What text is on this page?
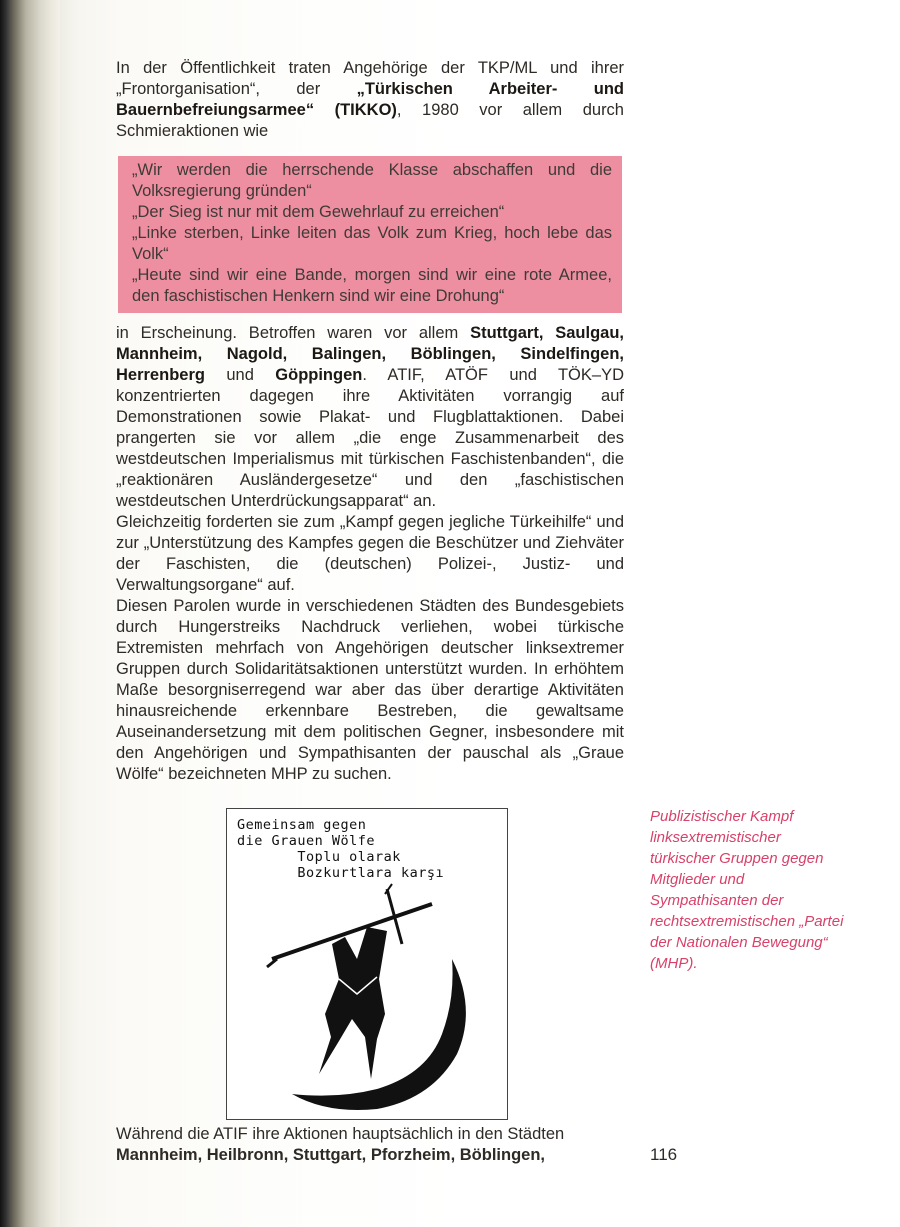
In der Öffentlichkeit traten Angehörige der TKP/ML und ihrer „Frontorganisation“, der „Türkischen Arbeiter- und Bauernbefreiungsarmee“ (TIKKO), 1980 vor allem durch Schmieraktionen wie

„Wir werden die herrschende Klasse abschaffen und die Volksregierung gründen“

„Der Sieg ist nur mit dem Gewehrlauf zu erreichen“

„Linke sterben, Linke leiten das Volk zum Krieg, hoch lebe das Volk“

„Heute sind wir eine Bande, morgen sind wir eine rote Armee, den faschistischen Henkern sind wir eine Drohung“

in Erscheinung. Betroffen waren vor allem Stuttgart, Saulgau, Mannheim, Nagold, Balingen, Böblingen, Sindelfingen, Herrenberg und Göppingen. ATIF, ATÖF und TÖK–YD konzentrierten dagegen ihre Aktivitäten vorrangig auf Demonstrationen sowie Plakat- und Flugblattaktionen. Dabei prangerten sie vor allem „die enge Zusammenarbeit des westdeutschen Imperialismus mit türkischen Faschistenbanden“, die „reaktionären Ausländergesetze“ und den „faschistischen westdeutschen Unterdrückungsapparat“ an.

Gleichzeitig forderten sie zum „Kampf gegen jegliche Türkeihilfe“ und zur „Unterstützung des Kampfes gegen die Beschützer und Ziehväter der Faschisten, die (deutschen) Polizei-, Justiz- und Verwaltungsorgane“ auf.

Diesen Parolen wurde in verschiedenen Städten des Bundesgebiets durch Hungerstreiks Nachdruck verliehen, wobei türkische Extremisten mehrfach von Angehörigen deutscher linksextremer Gruppen durch Solidaritätsaktionen unterstützt wurden. In erhöhtem Maße besorgniserregend war aber das über derartige Aktivitäten hinausreichende erkennbare Bestreben, die gewaltsame Auseinandersetzung mit dem politischen Gegner, insbesondere mit den Angehörigen und Sympathisanten der pauschal als „Graue Wölfe“ bezeichneten MHP zu suchen.

Gemeinsam gegen
die Grauen Wölfe
Toplu olarak
Bozkurtlara karşı
Publizistischer Kampf linksextremistischer türkischer Gruppen gegen Mitglieder und Sympathisanten der rechtsextremistischen „Partei der Nationalen Bewegung“ (MHP).

Während die ATIF ihre Aktionen hauptsächlich in den Städten

Mannheim, Heilbronn, Stuttgart, Pforzheim, Böblingen,	116
